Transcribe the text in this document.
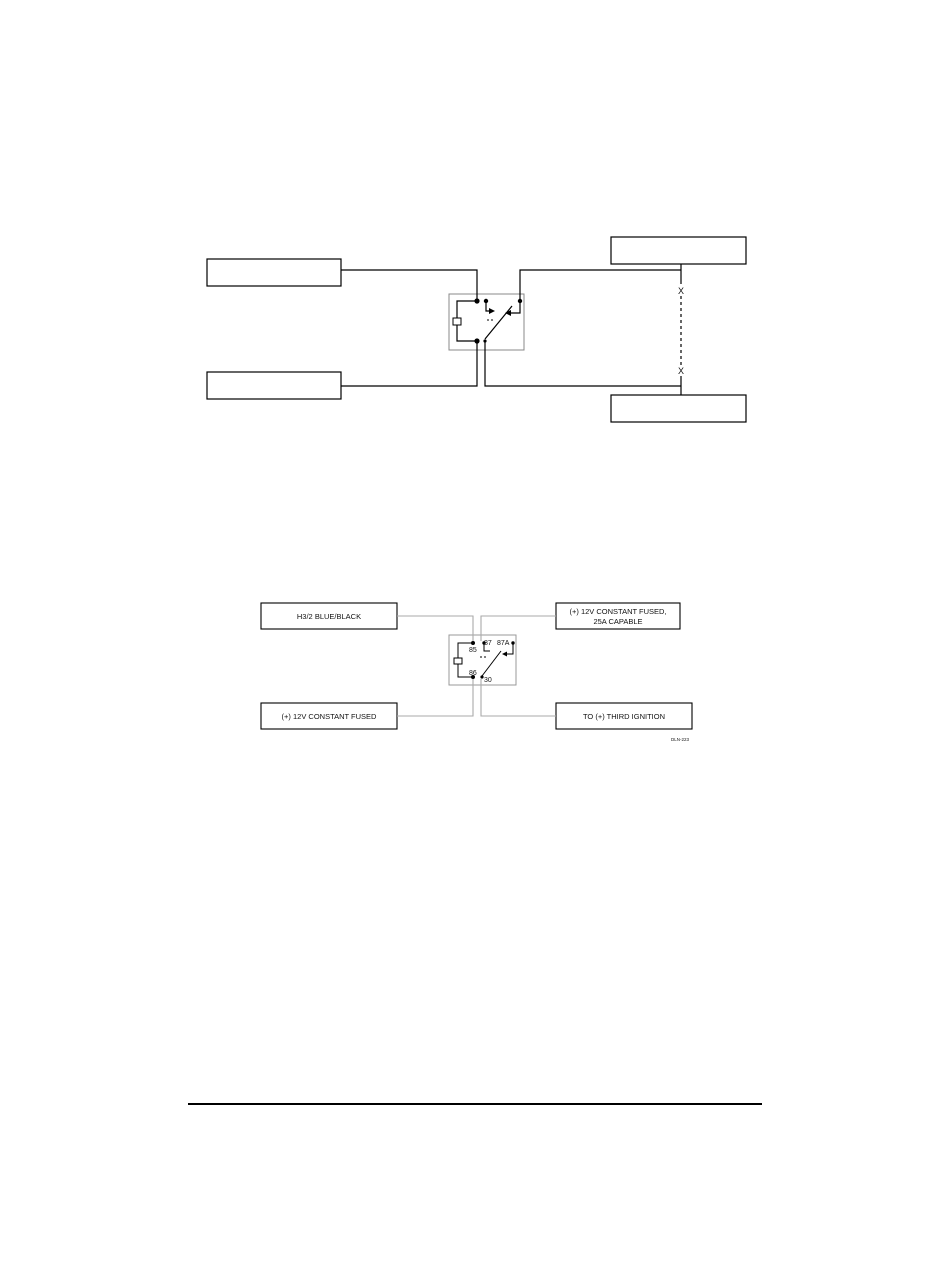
X
X
H3/2 BLUE/BLACK
(+) 12V CONSTANT FUSED
(+) 12V CONSTANT FUSED,
25A CAPABLE
TO (+) THIRD IGNITION
87 87A
85
86
30
DLN-223
